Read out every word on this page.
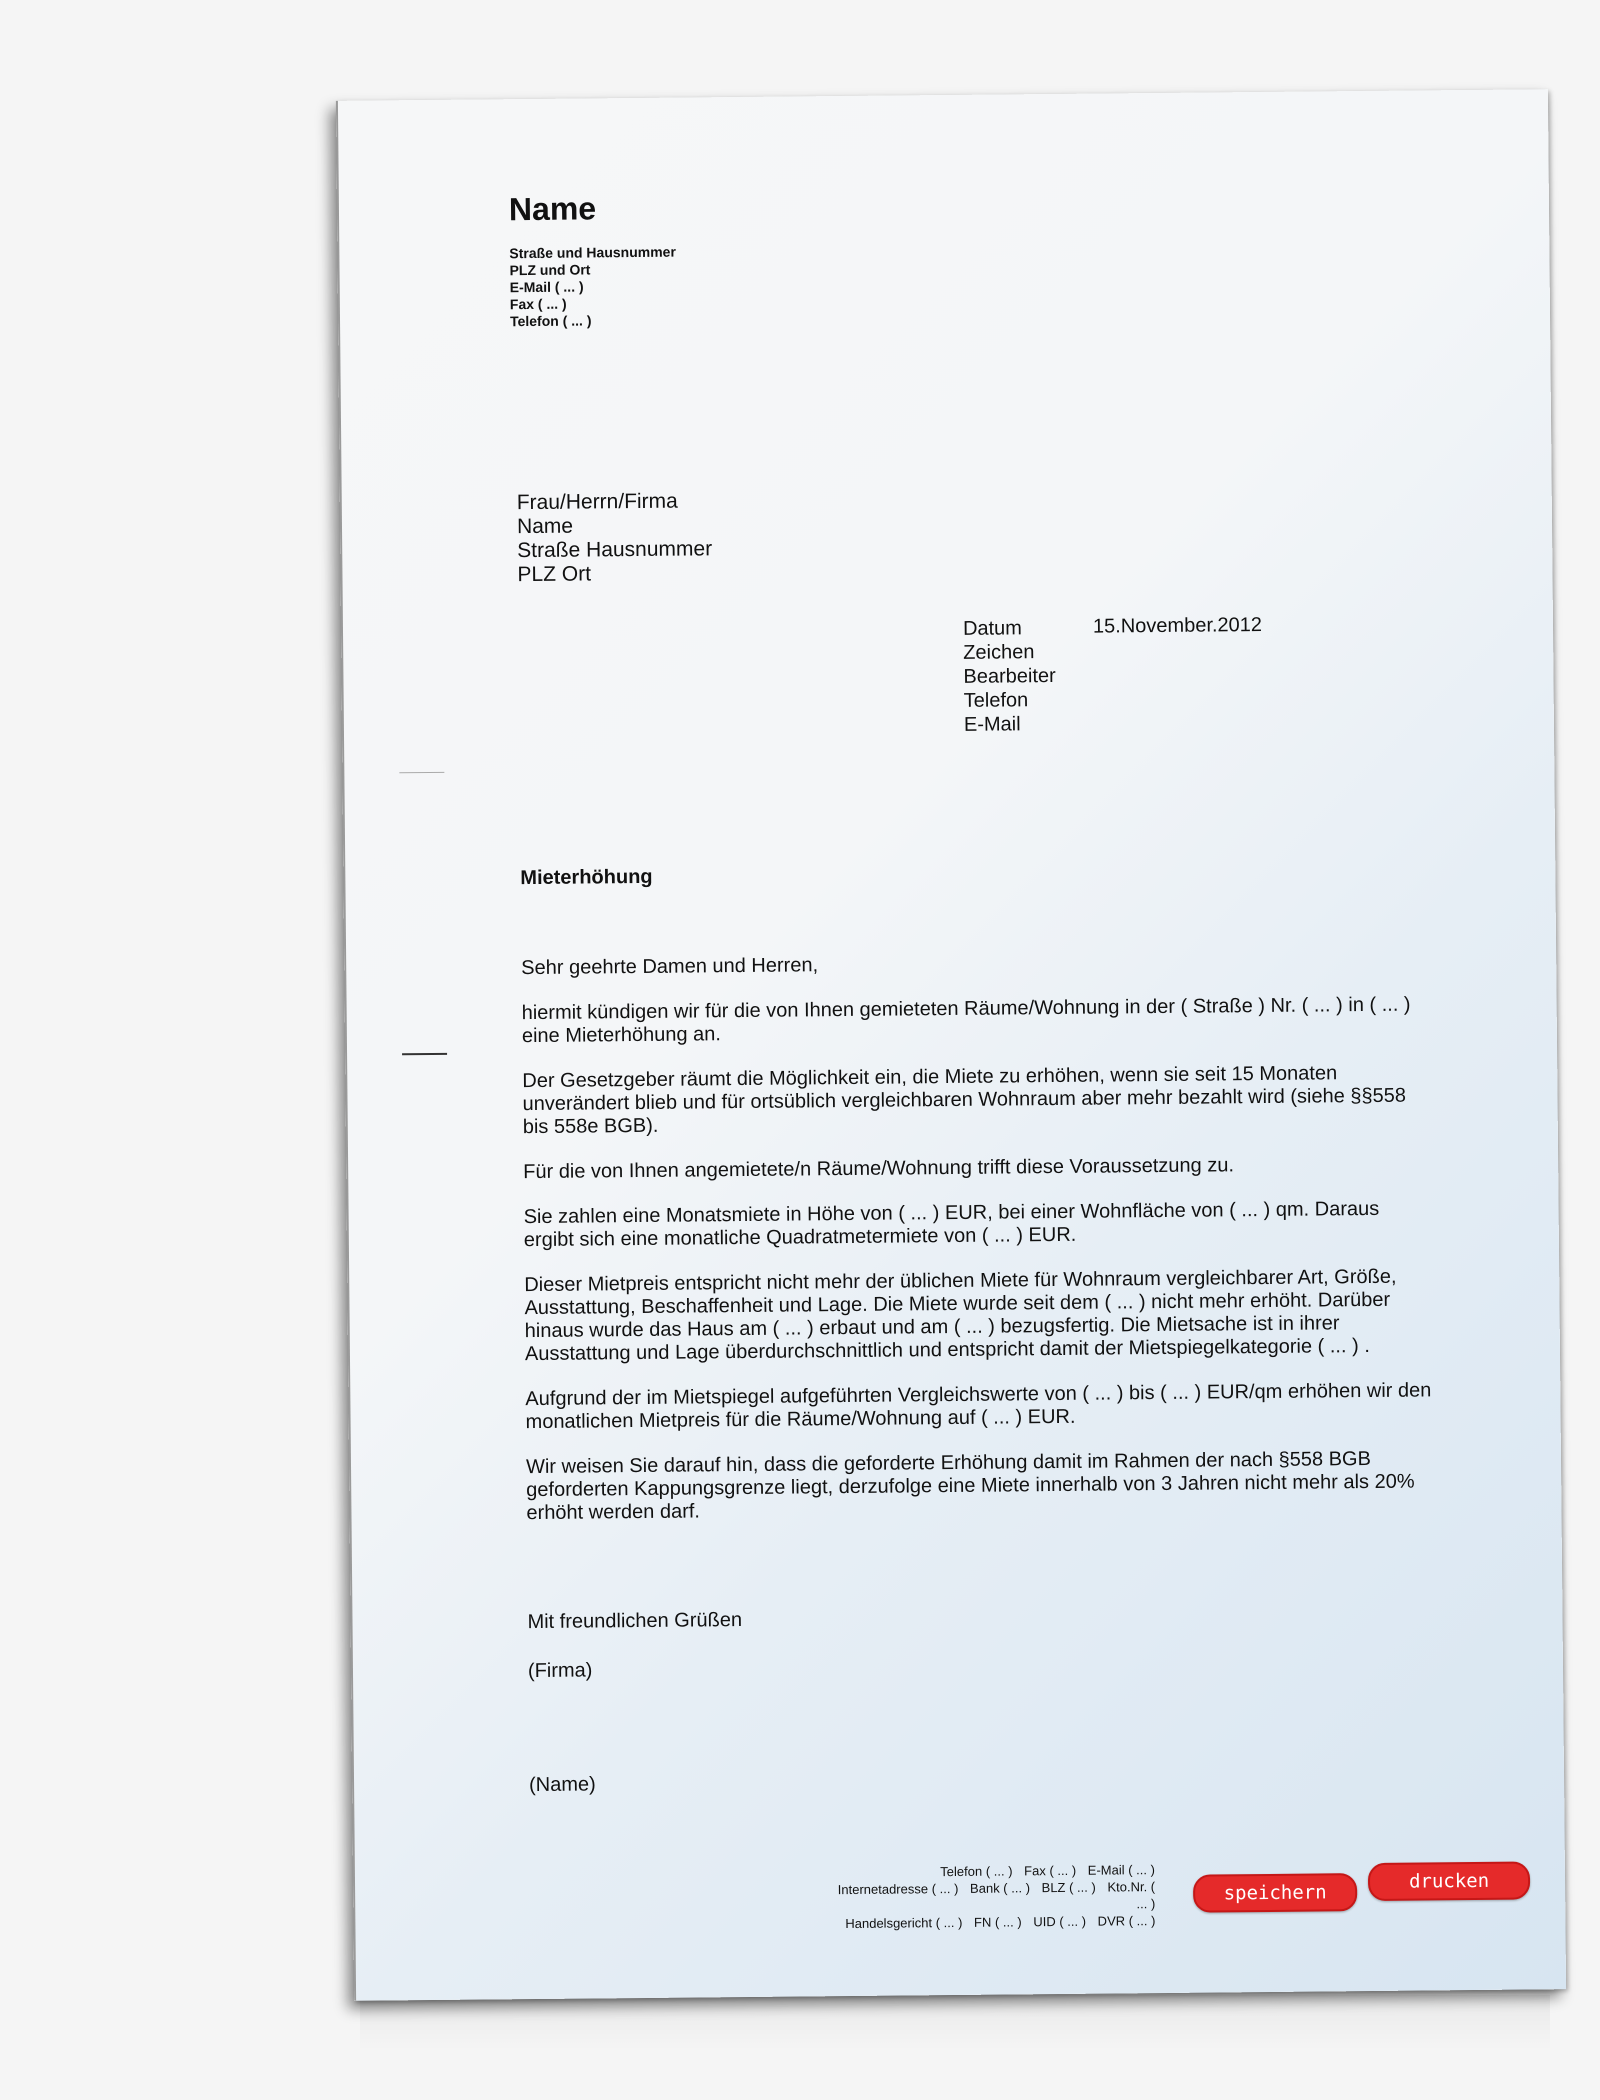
Name
Straße und Hausnummer
PLZ und Ort
E-Mail ( ... )
Fax ( ... )
Telefon ( ... )
Frau/Herrn/Firma
Name
Straße Hausnummer
PLZ Ort
Datum
Zeichen
Bearbeiter
Telefon
E-Mail
15.November.2012
Mieterhöhung

Sehr geehrte Damen und Herren,

hiermit kündigen wir für die von Ihnen gemieteten Räume/Wohnung in der ( Straße ) Nr. ( ... ) in ( ... ) eine Mieterhöhung an.

Der Gesetzgeber räumt die Möglichkeit ein, die Miete zu erhöhen, wenn sie seit 15 Monaten unverändert blieb und für ortsüblich vergleichbaren Wohnraum aber mehr bezahlt wird (siehe §§558 bis 558e BGB).

Für die von Ihnen angemietete/n Räume/Wohnung trifft diese Voraussetzung zu.

Sie zahlen eine Monatsmiete in Höhe von ( ... ) EUR, bei einer Wohnfläche von ( ... ) qm. Daraus ergibt sich eine monatliche Quadratmetermiete von ( ... ) EUR.

Dieser Mietpreis entspricht nicht mehr der üblichen Miete für Wohnraum vergleichbarer Art, Größe, Ausstattung, Beschaffenheit und Lage. Die Miete wurde seit dem ( ... ) nicht mehr erhöht. Darüber hinaus wurde das Haus am ( ... ) erbaut und am ( ... ) bezugsfertig. Die Mietsache ist in ihrer Ausstattung und Lage überdurchschnittlich und entspricht damit der Mietspiegelkategorie ( ... ) .

Aufgrund der im Mietspiegel aufgeführten Vergleichswerte von ( ... ) bis ( ... ) EUR/qm erhöhen wir den monatlichen Mietpreis für die Räume/Wohnung auf ( ... ) EUR.

Wir weisen Sie darauf hin, dass die geforderte Erhöhung damit im Rahmen der nach §558 BGB geforderten Kappungsgrenze liegt, derzufolge eine Miete innerhalb von 3 Jahren nicht mehr als 20% erhöht werden darf.

Mit freundlichen Grüßen
(Firma)
(Name)
Telefon ( ... ) Fax ( ... ) E-Mail ( ... )
Internetadresse ( ... ) Bank ( ... ) BLZ ( ... ) Kto.Nr. ( ... )
Handelsgericht ( ... ) FN ( ... ) UID ( ... ) DVR ( ... )
speichern
drucken
